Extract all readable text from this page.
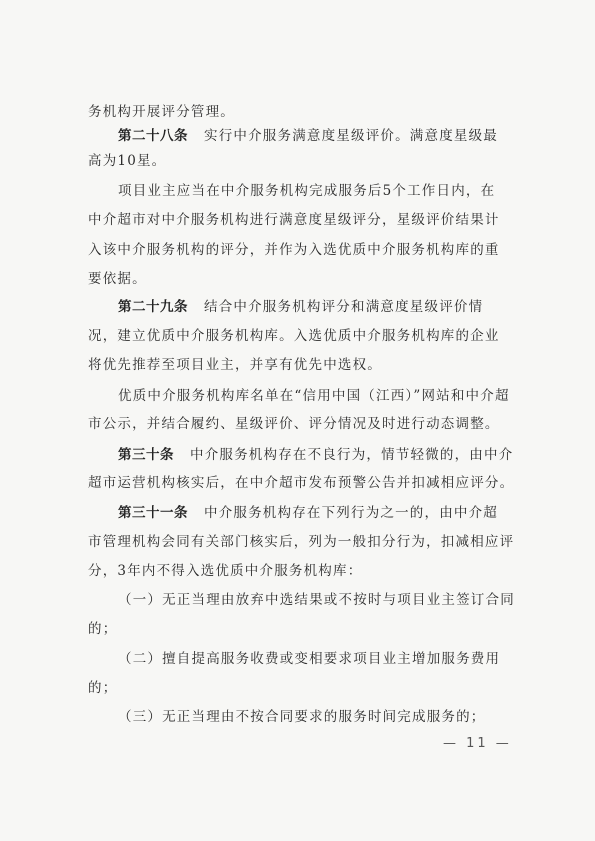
务机构开展评分管理。
第二十八条 实行中介服务满意度星级评价。满意度星级最
高为10星。
项目业主应当在中介服务机构完成服务后5个工作日内，在
中介超市对中介服务机构进行满意度星级评分，星级评价结果计
入该中介服务机构的评分，并作为入选优质中介服务机构库的重
要依据。
第二十九条 结合中介服务机构评分和满意度星级评价情
况，建立优质中介服务机构库。入选优质中介服务机构库的企业
将优先推荐至项目业主，并享有优先中选权。
优质中介服务机构库名单在“信用中国（江西）”网站和中介超
市公示，并结合履约、星级评价、评分情况及时进行动态调整。
第三十条 中介服务机构存在不良行为，情节轻微的，由中介
超市运营机构核实后，在中介超市发布预警公告并扣减相应评分。
第三十一条 中介服务机构存在下列行为之一的，由中介超
市管理机构会同有关部门核实后，列为一般扣分行为，扣减相应评
分，3年内不得入选优质中介服务机构库：
（一）无正当理由放弃中选结果或不按时与项目业主签订合同
的；
（二）擅自提高服务收费或变相要求项目业主增加服务费用
的；
（三）无正当理由不按合同要求的服务时间完成服务的；
— 11 —
